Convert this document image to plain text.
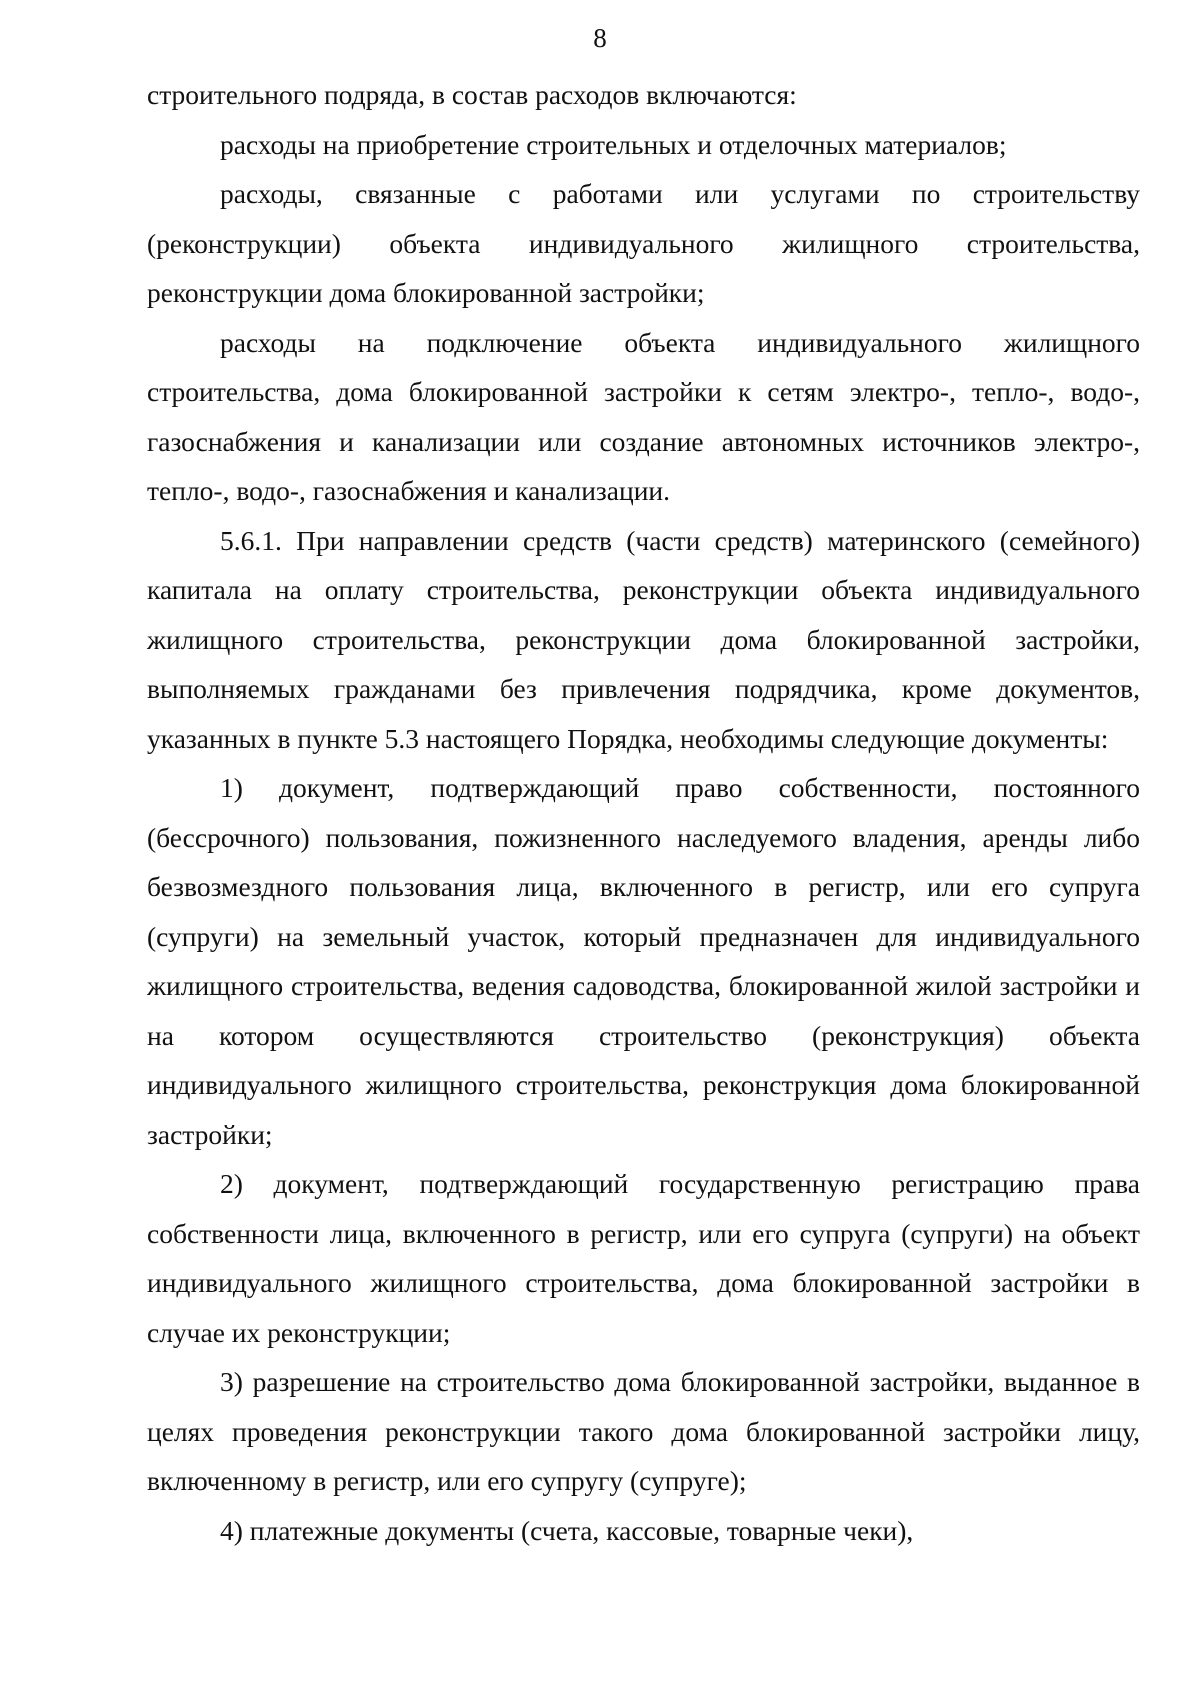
8

строительного подряда, в состав расходов включаются:

расходы на приобретение строительных и отделочных материалов;

расходы, связанные с работами или услугами по строительству (реконструкции) объекта индивидуального жилищного строительства, реконструкции дома блокированной застройки;

расходы на подключение объекта индивидуального жилищного строительства, дома блокированной застройки к сетям электро-, тепло-, водо-, газоснабжения и канализации или создание автономных источников электро-, тепло-, водо-, газоснабжения и канализации.

5.6.1. При направлении средств (части средств) материнского (семейного) капитала на оплату строительства, реконструкции объекта индивидуального жилищного строительства, реконструкции дома блокированной застройки, выполняемых гражданами без привлечения подрядчика, кроме документов, указанных в пункте 5.3 настоящего Порядка, необходимы следующие документы:

1) документ, подтверждающий право собственности, постоянного (бессрочного) пользования, пожизненного наследуемого владения, аренды либо безвозмездного пользования лица, включенного в регистр, или его супруга (супруги) на земельный участок, который предназначен для индивидуального жилищного строительства, ведения садоводства, блокированной жилой застройки и на котором осуществляются строительство (реконструкция) объекта индивидуального жилищного строительства, реконструкция дома блокированной застройки;

2) документ, подтверждающий государственную регистрацию права собственности лица, включенного в регистр, или его супруга (супруги) на объект индивидуального жилищного строительства, дома блокированной застройки в случае их реконструкции;

3) разрешение на строительство дома блокированной застройки, выданное в целях проведения реконструкции такого дома блокированной застройки лицу, включенному в регистр, или его супругу (супруге);

4) платежные документы (счета, кассовые, товарные чеки),
